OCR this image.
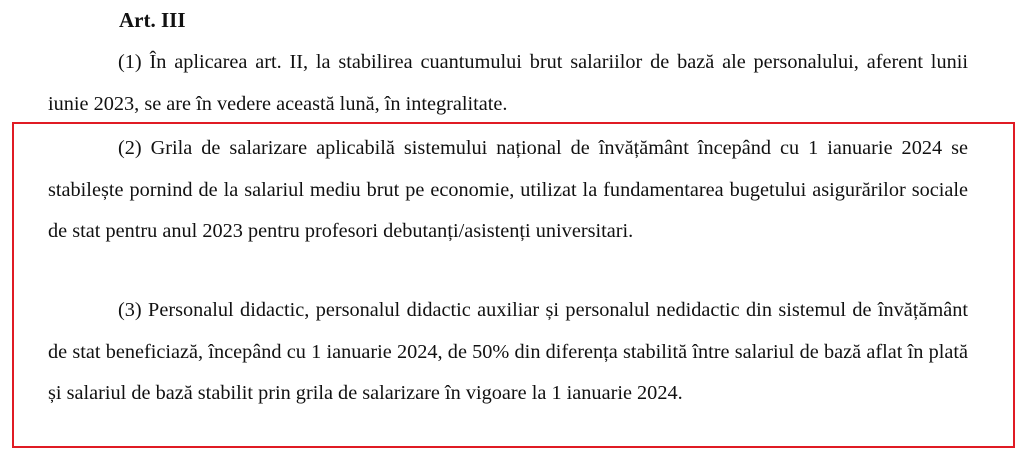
Art. III
(1) În aplicarea art. II, la stabilirea cuantumului brut salariilor de bază ale personalului, aferent lunii iunie 2023, se are în vedere această lună, în integralitate.
(2) Grila de salarizare aplicabilă sistemului național de învățământ începând cu 1 ianuarie 2024 se stabilește pornind de la salariul mediu brut pe economie, utilizat la fundamentarea bugetului asigurărilor sociale de stat pentru anul 2023 pentru profesori debutanți/asistenți universitari.
(3) Personalul didactic, personalul didactic auxiliar și personalul nedidactic din sistemul de învățământ de stat beneficiază, începând cu 1 ianuarie 2024, de 50% din diferența stabilită între salariul de bază aflat în plată și salariul de bază stabilit prin grila de salarizare în vigoare la 1 ianuarie 2024.
